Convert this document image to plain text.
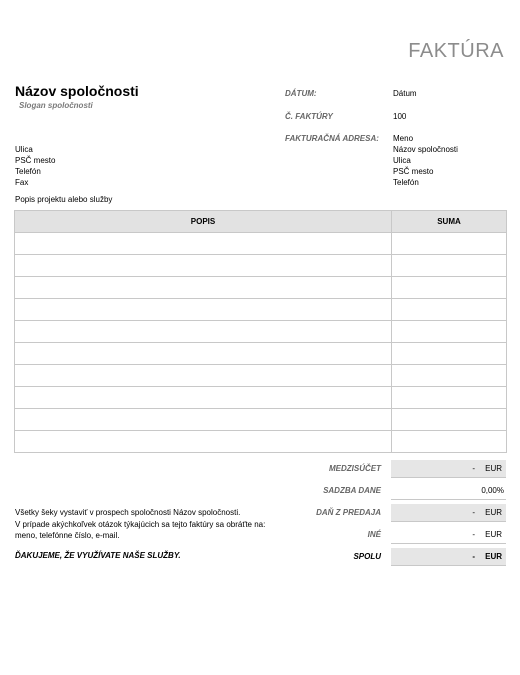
FAKTÚRA
Názov spoločnosti
Slogan spoločnosti
DÁTUM:	Dátum
Č. FAKTÚRY	100
FAKTURAČNÁ ADRESA: Meno
Názov spoločnosti
Ulica
PSČ mesto
Telefón
Ulica
PSČ mesto
Telefón
Fax
Popis projektu alebo služby
POPIS	SUMA

MEDZISÚČET	- EUR
SADZBA DANE	0,00%
DAŇ Z PREDAJA	- EUR
INÉ	- EUR
SPOLU	- EUR
Všetky šeky vystaviť v prospech spoločnosti Názov spoločnosti.
V prípade akýchkoľvek otázok týkajúcich sa tejto faktúry sa obráťte na:
meno, telefónne číslo, e-mail.
ĎAKUJEME, ŽE VYUŽÍVATE NAŠE SLUŽBY.
